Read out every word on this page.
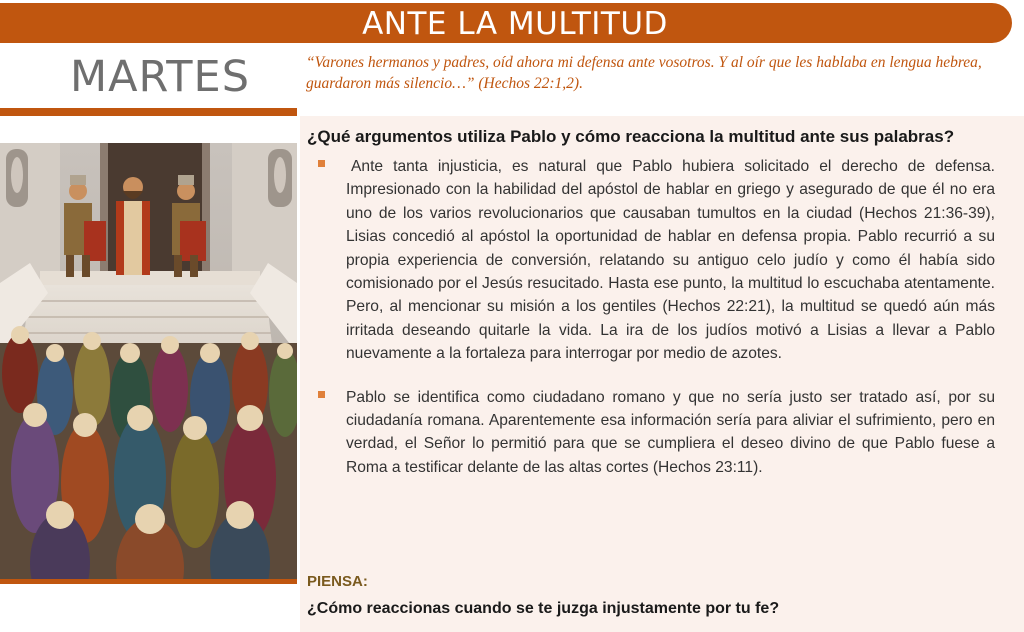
ANTE LA MULTITUD
MARTES	“Varones hermanos y padres, oíd ahora mi defensa ante vosotros. Y al oír que les hablaba en lengua hebrea, guardaron más silencio…” (Hechos 22:1,2).
¿Qué argumentos utiliza Pablo y cómo reacciona la multitud ante sus palabras?
Ante tanta injusticia, es natural que Pablo hubiera solicitado el derecho de defensa. Impresionado con la habilidad del apóstol de hablar en griego y asegurado de que él no era uno de los varios revolucionarios que causaban tumultos en la ciudad (Hechos 21:36-39), Lisias concedió al apóstol la oportunidad de hablar en defensa propia. Pablo recurrió a su propia experiencia de conversión, relatando su antiguo celo judío y como él había sido comisionado por el Jesús resucitado. Hasta ese punto, la multitud lo escuchaba atentamente. Pero, al mencionar su misión a los gentiles (Hechos 22:21), la multitud se quedó aún más irritada deseando quitarle la vida. La ira de los judíos motivó a Lisias a llevar a Pablo nuevamente a la fortaleza para interrogar por medio de azotes.
Pablo se identifica como ciudadano romano y que no sería justo ser tratado así, por su ciudadanía romana. Aparentemente esa información sería para aliviar el sufrimiento, pero en verdad, el Señor lo permitió para que se cumpliera el deseo divino de que Pablo fuese a Roma a testificar delante de las altas cortes (Hechos 23:11).
PIENSA:
¿Cómo reaccionas cuando se te juzga injustamente por tu fe?
